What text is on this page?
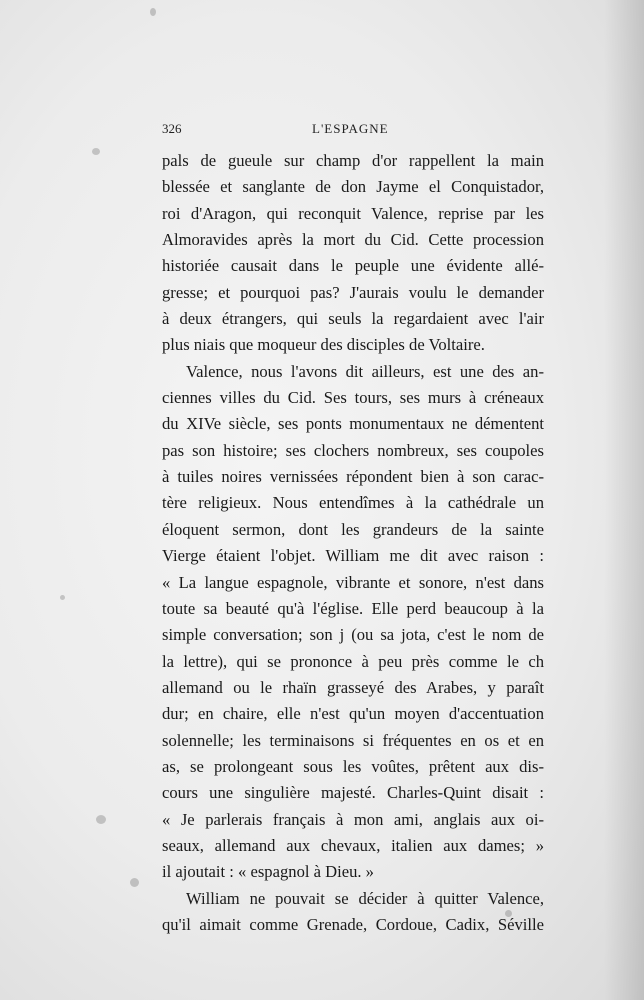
326	L'ESPAGNE
pals de gueule sur champ d'or rappellent la main
blessée et sanglante de don Jayme el Conquistador,
roi d'Aragon, qui reconquit Valence, reprise par les
Almoravides après la mort du Cid. Cette procession
historiée causait dans le peuple une évidente allé-
gresse; et pourquoi pas? J'aurais voulu le demander
à deux étrangers, qui seuls la regardaient avec l'air
plus niais que moqueur des disciples de Voltaire.
Valence, nous l'avons dit ailleurs, est une des an-
ciennes villes du Cid. Ses tours, ses murs à créneaux
du XIVe siècle, ses ponts monumentaux ne démentent
pas son histoire; ses clochers nombreux, ses coupoles
à tuiles noires vernissées répondent bien à son carac-
tère religieux. Nous entendîmes à la cathédrale un
éloquent sermon, dont les grandeurs de la sainte
Vierge étaient l'objet. William me dit avec raison :
« La langue espagnole, vibrante et sonore, n'est dans
toute sa beauté qu'à l'église. Elle perd beaucoup à la
simple conversation; son j (ou sa jota, c'est le nom de
la lettre), qui se prononce à peu près comme le ch
allemand ou le rhaïn grasseyé des Arabes, y paraît
dur; en chaire, elle n'est qu'un moyen d'accentuation
solennelle; les terminaisons si fréquentes en os et en
as, se prolongeant sous les voûtes, prêtent aux dis-
cours une singulière majesté. Charles-Quint disait :
« Je parlerais français à mon ami, anglais aux oi-
seaux, allemand aux chevaux, italien aux dames; »
il ajoutait : « espagnol à Dieu. »
William ne pouvait se décider à quitter Valence,
qu'il aimait comme Grenade, Cordoue, Cadix, Séville
